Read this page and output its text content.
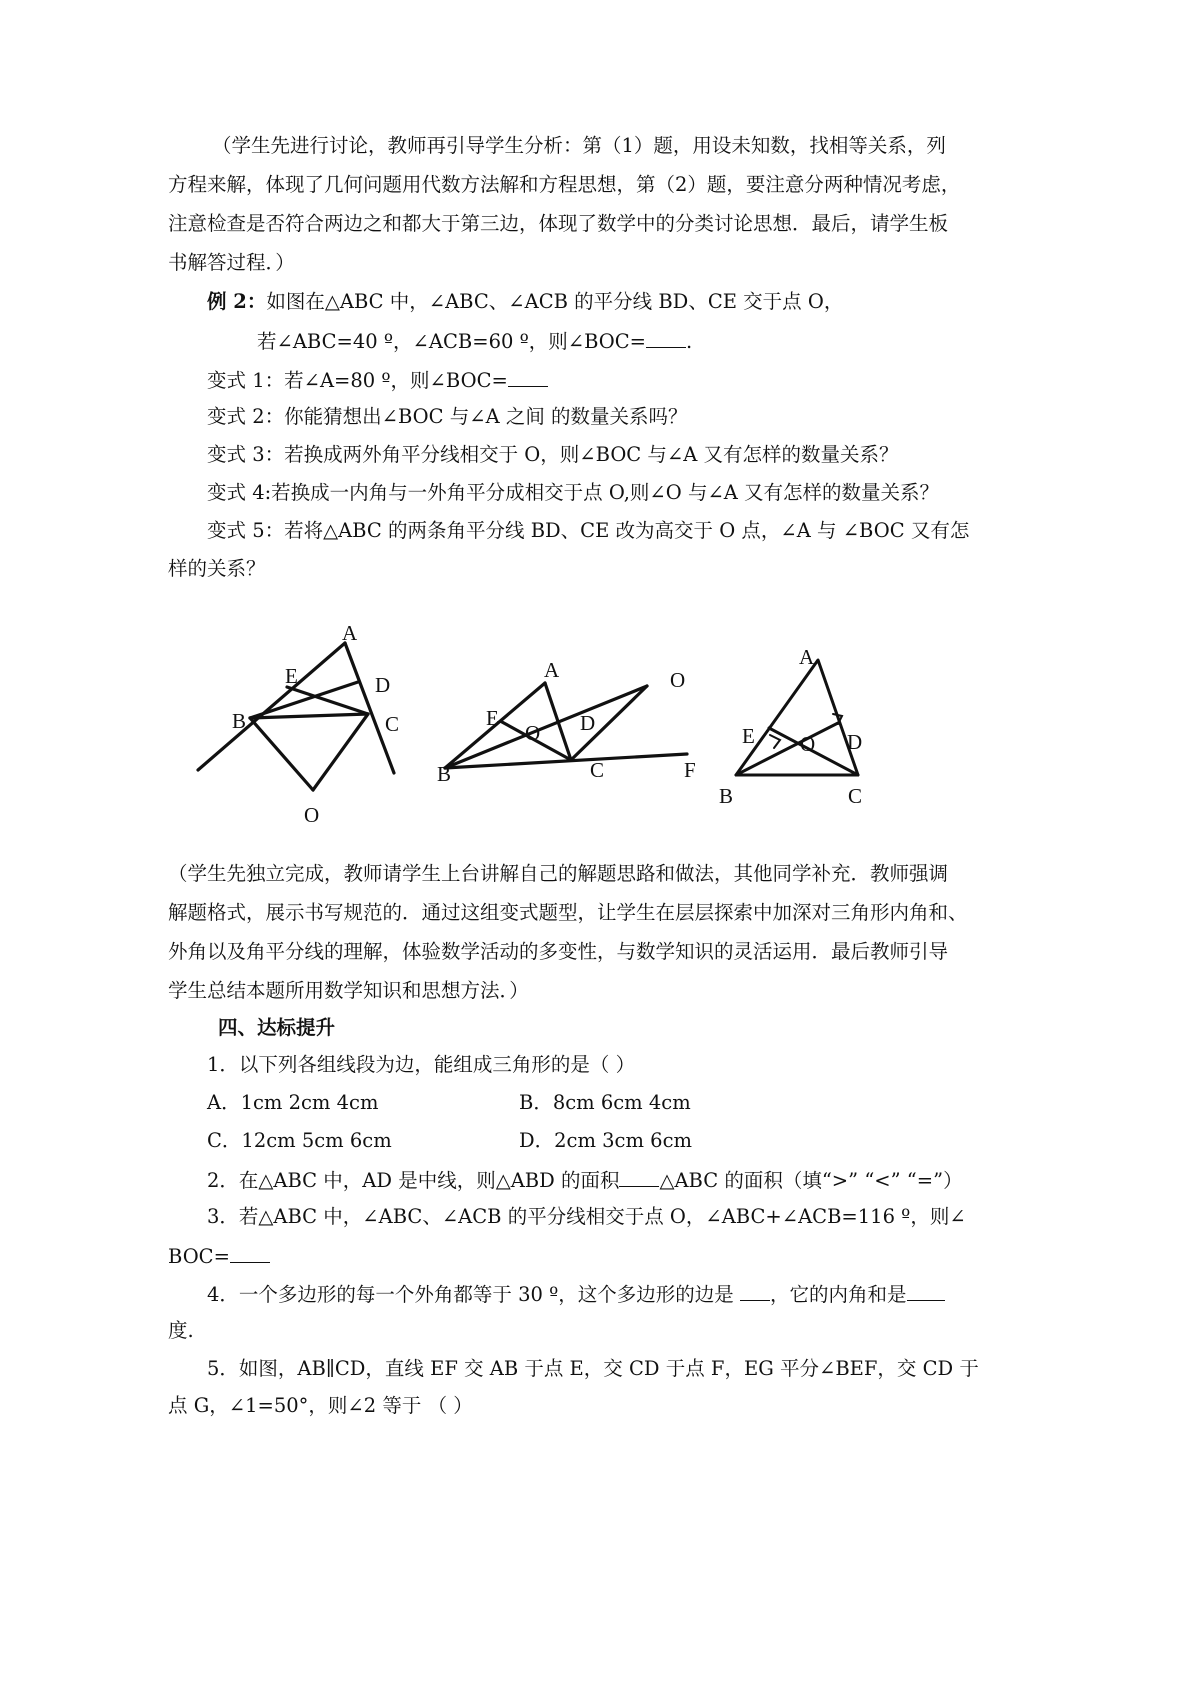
（学生先进行讨论，教师再引导学生分析：第（1）题，用设未知数，找相等关系，列
方程来解，体现了几何问题用代数方法解和方程思想，第（2）题，要注意分两种情况考虑，
注意检查是否符合两边之和都大于第三边，体现了数学中的分类讨论思想．最后，请学生板
书解答过程．）
例 2：如图在△ABC 中，∠ABC、∠ACB 的平分线 BD、CE 交于点 O，
若∠ABC=40 º，∠ACB=60 º，则∠BOC= .
变式 1：若∠A=80 º，则∠BOC=
变式 2：你能猜想出∠BOC 与∠A 之间 的数量关系吗？
变式 3：若换成两外角平分线相交于 O，则∠BOC 与∠A 又有怎样的数量关系？
变式 4:若换成一内角与一外角平分成相交于点 O,则∠O 与∠A 又有怎样的数量关系？
变式 5：若将△ABC 的两条角平分线 BD、CE 改为高交于 O 点，∠A 与 ∠BOC 又有怎
样的关系？
A
E	D
B	C
O
A	O
E
O D
B	C	F
A
E O D
B	C
（学生先独立完成，教师请学生上台讲解自己的解题思路和做法，其他同学补充．教师强调
解题格式，展示书写规范的．通过这组变式题型，让学生在层层探索中加深对三角形内角和、
外角以及角平分线的理解，体验数学活动的多变性，与数学知识的灵活运用．最后教师引导
学生总结本题所用数学知识和思想方法．）
四、达标提升
1．以下列各组线段为边，能组成三角形的是（ ）
A．1cm 2cm 4cm	B．8cm 6cm 4cm
C．12cm 5cm 6cm	D．2cm 3cm 6cm
2．在△ABC 中，AD 是中线，则△ABD 的面积 △ABC 的面积（填“>” “<” “=”）
3．若△ABC 中，∠ABC、∠ACB 的平分线相交于点 O，∠ABC+∠ACB=116 º，则∠
BOC=
4．一个多边形的每一个外角都等于 30 º，这个多边形的边是 ，它的内角和是
度.
5．如图，AB∥CD，直线 EF 交 AB 于点 E，交 CD 于点 F，EG 平分∠BEF，交 CD 于
点 G，∠1=50°，则∠2 等于 （ ）
